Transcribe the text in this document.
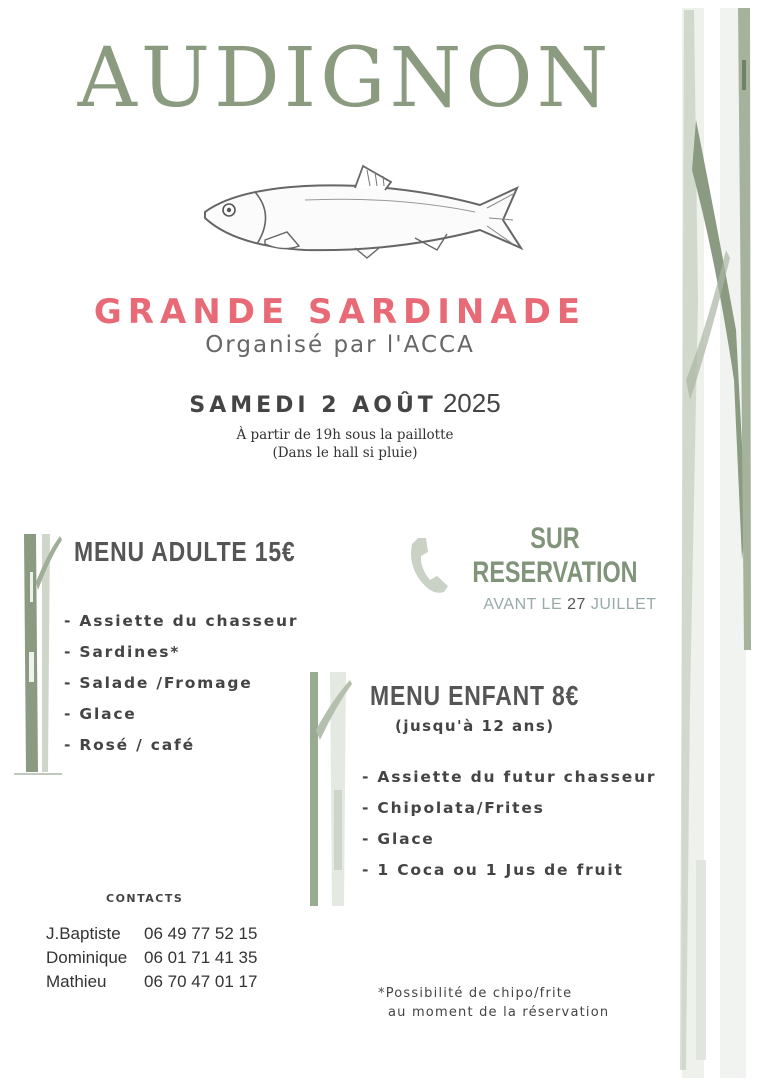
AUDIGNON
GRANDE SARDINADE
Organisé par l'ACCA
SAMEDI 2 AOÛT 2025
À partir de 19h sous la paillotte
(Dans le hall si pluie)
MENU ADULTE 15€
- Assiette du chasseur
- Sardines*
- Salade /Fromage
- Glace
- Rosé / café
SUR
RESERVATION
AVANT LE 27 JUILLET
MENU ENFANT 8€
(jusqu'à 12 ans)
- Assiette du futur chasseur
- Chipolata/Frites
- Glace
- 1 Coca ou 1 Jus de fruit
CONTACTS
J.Baptiste 06 49 77 52 15
Dominique 06 01 71 41 35
Mathieu 06 70 47 01 17
*Possibilité de chipo/frite
au moment de la réservation
